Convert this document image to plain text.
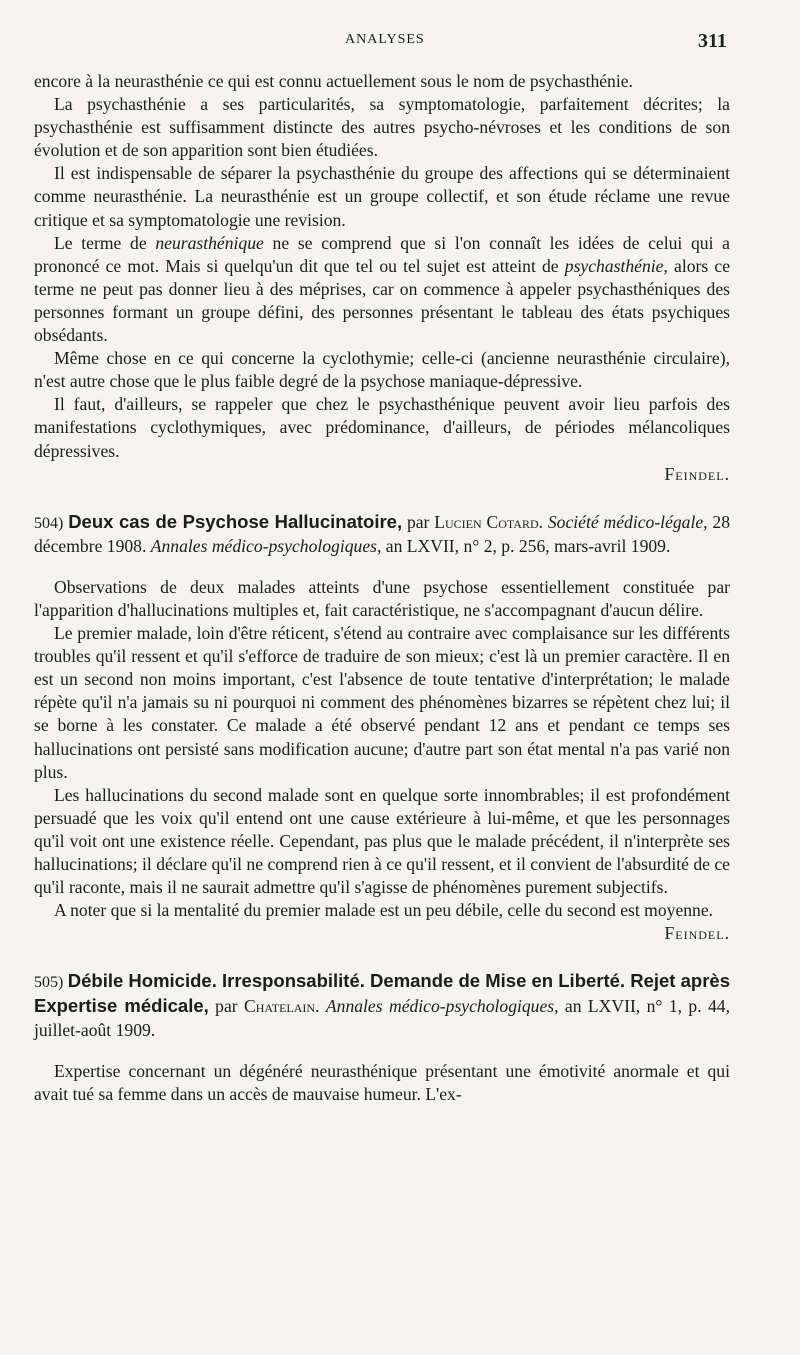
ANALYSES	311

encore à la neurasthénie ce qui est connu actuellement sous le nom de psychasthénie.

La psychasthénie a ses particularités, sa symptomatologie, parfaitement décrites; la psychasthénie est suffisamment distincte des autres psycho-névroses et les conditions de son évolution et de son apparition sont bien étudiées.

Il est indispensable de séparer la psychasthénie du groupe des affections qui se déterminaient comme neurasthénie. La neurasthénie est un groupe collectif, et son étude réclame une revue critique et sa symptomatologie une revision.

Le terme de neurasthénique ne se comprend que si l'on connaît les idées de celui qui a prononcé ce mot. Mais si quelqu'un dit que tel ou tel sujet est atteint de psychasthénie, alors ce terme ne peut pas donner lieu à des méprises, car on commence à appeler psychasthéniques des personnes formant un groupe défini, des personnes présentant le tableau des états psychiques obsédants.

Même chose en ce qui concerne la cyclothymie; celle-ci (ancienne neurasthénie circulaire), n'est autre chose que le plus faible degré de la psychose maniaque-dépressive.

Il faut, d'ailleurs, se rappeler que chez le psychasthénique peuvent avoir lieu parfois des manifestations cyclothymiques, avec prédominance, d'ailleurs, de périodes mélancoliques dépressives.

Feindel.

504) Deux cas de Psychose Hallucinatoire, par Lucien Cotard. Société médico-légale, 28 décembre 1908. Annales médico-psychologiques, an LXVII, n° 2, p. 256, mars-avril 1909.

Observations de deux malades atteints d'une psychose essentiellement constituée par l'apparition d'hallucinations multiples et, fait caractéristique, ne s'accompagnant d'aucun délire.

Le premier malade, loin d'être réticent, s'étend au contraire avec complaisance sur les différents troubles qu'il ressent et qu'il s'efforce de traduire de son mieux; c'est là un premier caractère. Il en est un second non moins important, c'est l'absence de toute tentative d'interprétation; le malade répète qu'il n'a jamais su ni pourquoi ni comment des phénomènes bizarres se répètent chez lui; il se borne à les constater. Ce malade a été observé pendant 12 ans et pendant ce temps ses hallucinations ont persisté sans modification aucune; d'autre part son état mental n'a pas varié non plus.

Les hallucinations du second malade sont en quelque sorte innombrables; il est profondément persuadé que les voix qu'il entend ont une cause extérieure à lui-même, et que les personnages qu'il voit ont une existence réelle. Cependant, pas plus que le malade précédent, il n'interprète ses hallucinations; il déclare qu'il ne comprend rien à ce qu'il ressent, et il convient de l'absurdité de ce qu'il raconte, mais il ne saurait admettre qu'il s'agisse de phénomènes purement subjectifs.

A noter que si la mentalité du premier malade est un peu débile, celle du second est moyenne.

Feindel.

505) Débile Homicide. Irresponsabilité. Demande de Mise en Liberté. Rejet après Expertise médicale, par Chatelain. Annales médico-psychologiques, an LXVII, n° 1, p. 44, juillet-août 1909.

Expertise concernant un dégénéré neurasthénique présentant une émotivité anormale et qui avait tué sa femme dans un accès de mauvaise humeur. L'ex-
